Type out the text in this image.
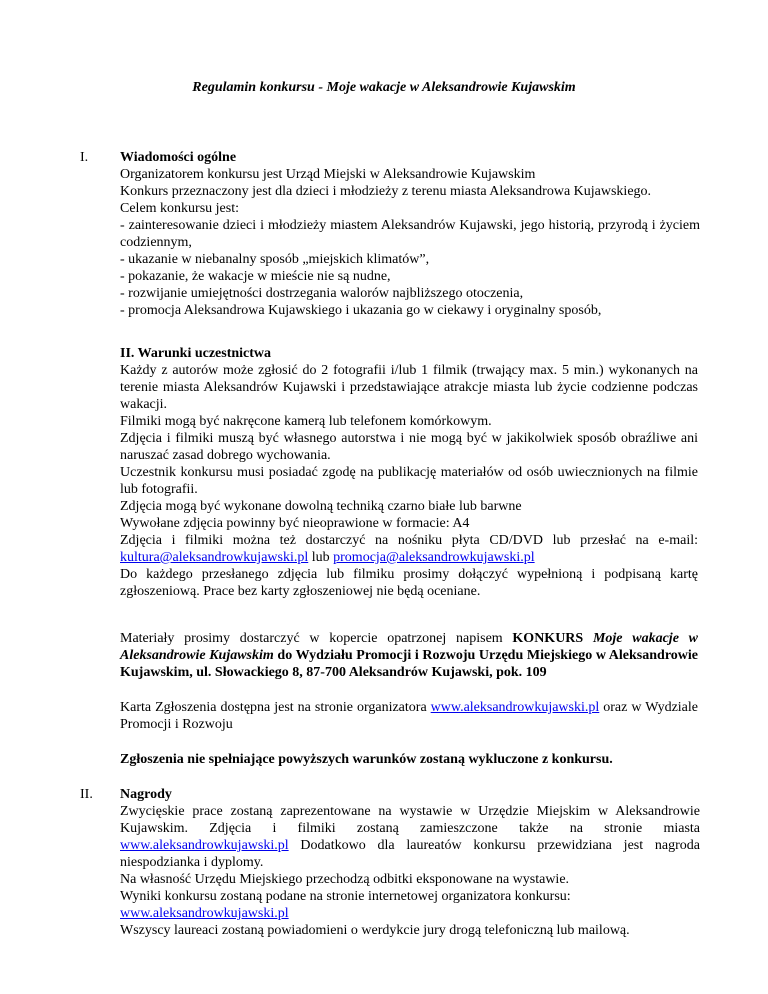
Regulamin konkursu - Moje wakacje w Aleksandrowie Kujawskim
I. Wiadomości ogólne
Organizatorem konkursu jest Urząd Miejski w Aleksandrowie Kujawskim
Konkurs przeznaczony jest dla dzieci i młodzieży z terenu miasta Aleksandrowa Kujawskiego.
Celem konkursu jest:
- zainteresowanie dzieci i młodzieży miastem Aleksandrów Kujawski, jego historią, przyrodą i życiem codziennym,
- ukazanie w niebanalny sposób „miejskich klimatów”,
- pokazanie, że wakacje w mieście nie są nudne,
- rozwijanie umiejętności dostrzegania walorów najbliższego otoczenia,
- promocja Aleksandrowa Kujawskiego i ukazania go w ciekawy i oryginalny sposób,
II. Warunki uczestnictwa
Każdy z autorów może zgłosić do 2 fotografii i/lub 1 filmik (trwający max. 5 min.) wykonanych na terenie miasta Aleksandrów Kujawski i przedstawiające atrakcje miasta lub życie codzienne podczas wakacji.
Filmiki mogą być nakręcone kamerą lub telefonem komórkowym.
Zdjęcia i filmiki muszą być własnego autorstwa i nie mogą być w jakikolwiek sposób obraźliwe ani naruszać zasad dobrego wychowania.
Uczestnik konkursu musi posiadać zgodę na publikację materiałów od osób uwiecznionych na filmie lub fotografii.
Zdjęcia mogą być wykonane dowolną techniką czarno białe lub barwne
Wywołane zdjęcia powinny być nieoprawione w formacie: A4
Zdjęcia i filmiki można też dostarczyć na nośniku płyta CD/DVD lub przesłać na e-mail: kultura@aleksandrowkujawski.pl lub promocja@aleksandrowkujawski.pl
Do każdego przesłanego zdjęcia lub filmiku prosimy dołączyć wypełnioną i podpisaną kartę zgłoszeniową. Prace bez karty zgłoszeniowej nie będą oceniane.
Materiały prosimy dostarczyć w kopercie opatrzonej napisem KONKURS Moje wakacje w Aleksandrowie Kujawskim do Wydziału Promocji i Rozwoju Urzędu Miejskiego w Aleksandrowie Kujawskim, ul. Słowackiego 8, 87-700 Aleksandrów Kujawski, pok. 109
Karta Zgłoszenia dostępna jest na stronie organizatora www.aleksandrowkujawski.pl oraz w Wydziale Promocji i Rozwoju
Zgłoszenia nie spełniające powyższych warunków zostaną wykluczone z konkursu.
II. Nagrody
Zwycięskie prace zostaną zaprezentowane na wystawie w Urzędzie Miejskim w Aleksandrowie Kujawskim. Zdjęcia i filmiki zostaną zamieszczone także na stronie miasta www.aleksandrowkujawski.pl Dodatkowo dla laureatów konkursu przewidziana jest nagroda niespodzianka i dyplomy.
Na własność Urzędu Miejskiego przechodzą odbitki eksponowane na wystawie.
Wyniki konkursu zostaną podane na stronie internetowej organizatora konkursu:
www.aleksandrowkujawski.pl
Wszyscy laureaci zostaną powiadomieni o werdykcie jury drogą telefoniczną lub mailową.
